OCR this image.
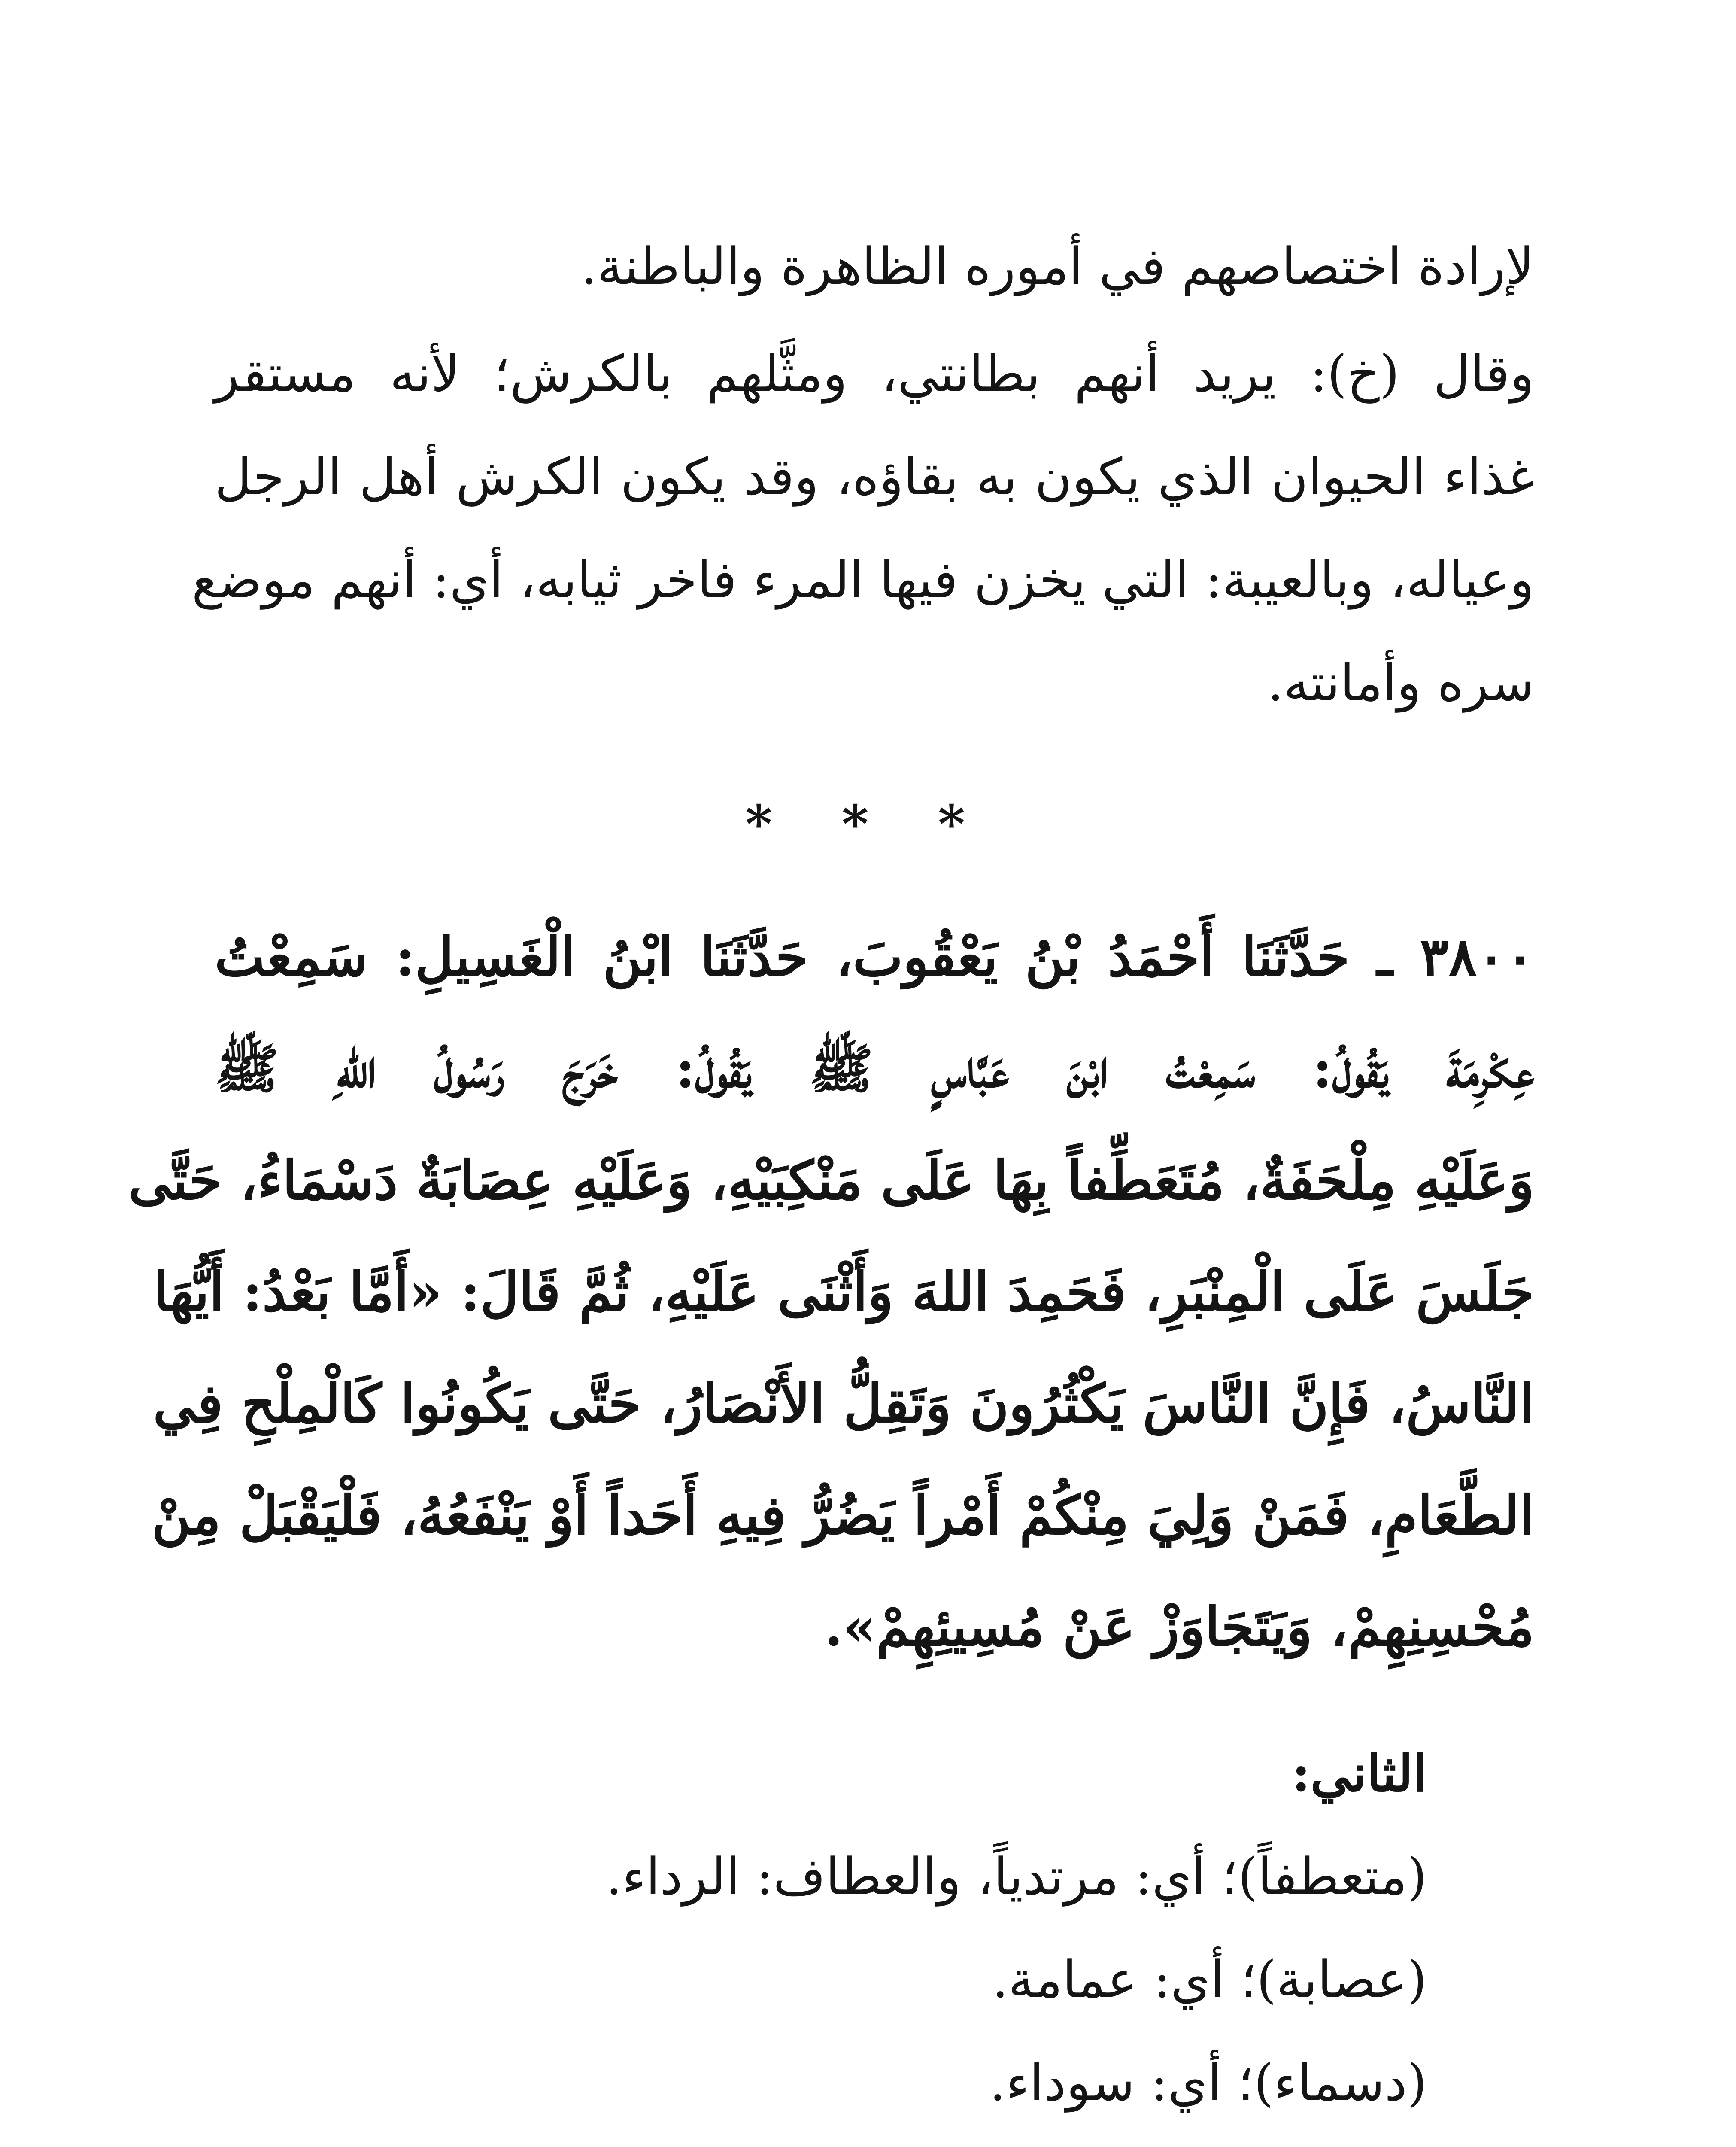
لإرادة اختصاصهم في أموره الظاهرة والباطنة.
وقال (خ): يريد أنهم بطانتي، ومثَّلهم بالكرش؛ لأنه مستقر
غذاء الحيوان الذي يكون به بقاؤه، وقد يكون الكرش أهل الرجل
وعياله، وبالعيبة: التي يخزن فيها المرء فاخر ثيابه، أي: أنهم موضع
سره وأمانته.
* * *
٣٨٠٠ ـ حَدَّثَنَا أَحْمَدُ بْنُ يَعْقُوبَ، حَدَّثَنَا ابْنُ الْغَسِيلِ: سَمِعْتُ
عِكْرِمَةَ يَقُولُ: سَمِعْتُ ابْنَ عَبَّاسٍ ﷺ يَقُولُ: خَرَجَ رَسُولُ اللهِ ﷺ
وَعَلَيْهِ مِلْحَفَةٌ، مُتَعَطِّفاً بِهَا عَلَى مَنْكِبَيْهِ، وَعَلَيْهِ عِصَابَةٌ دَسْمَاءُ، حَتَّى
جَلَسَ عَلَى الْمِنْبَرِ، فَحَمِدَ اللهَ وَأَثْنَى عَلَيْهِ، ثُمَّ قَالَ: «أَمَّا بَعْدُ: أَيُّهَا
النَّاسُ، فَإِنَّ النَّاسَ يَكْثُرُونَ وَتَقِلُّ الأَنْصَارُ، حَتَّى يَكُونُوا كَالْمِلْحِ فِي
الطَّعَامِ، فَمَنْ وَلِيَ مِنْكُمْ أَمْراً يَضُرُّ فِيهِ أَحَداً أَوْ يَنْفَعُهُ، فَلْيَقْبَلْ مِنْ
مُحْسِنِهِمْ، وَيَتَجَاوَزْ عَنْ مُسِيئِهِمْ».
الثاني:
(متعطفاً)؛ أي: مرتدياً، والعطاف: الرداء.
(عصابة)؛ أي: عمامة.
(دسماء)؛ أي: سوداء.
